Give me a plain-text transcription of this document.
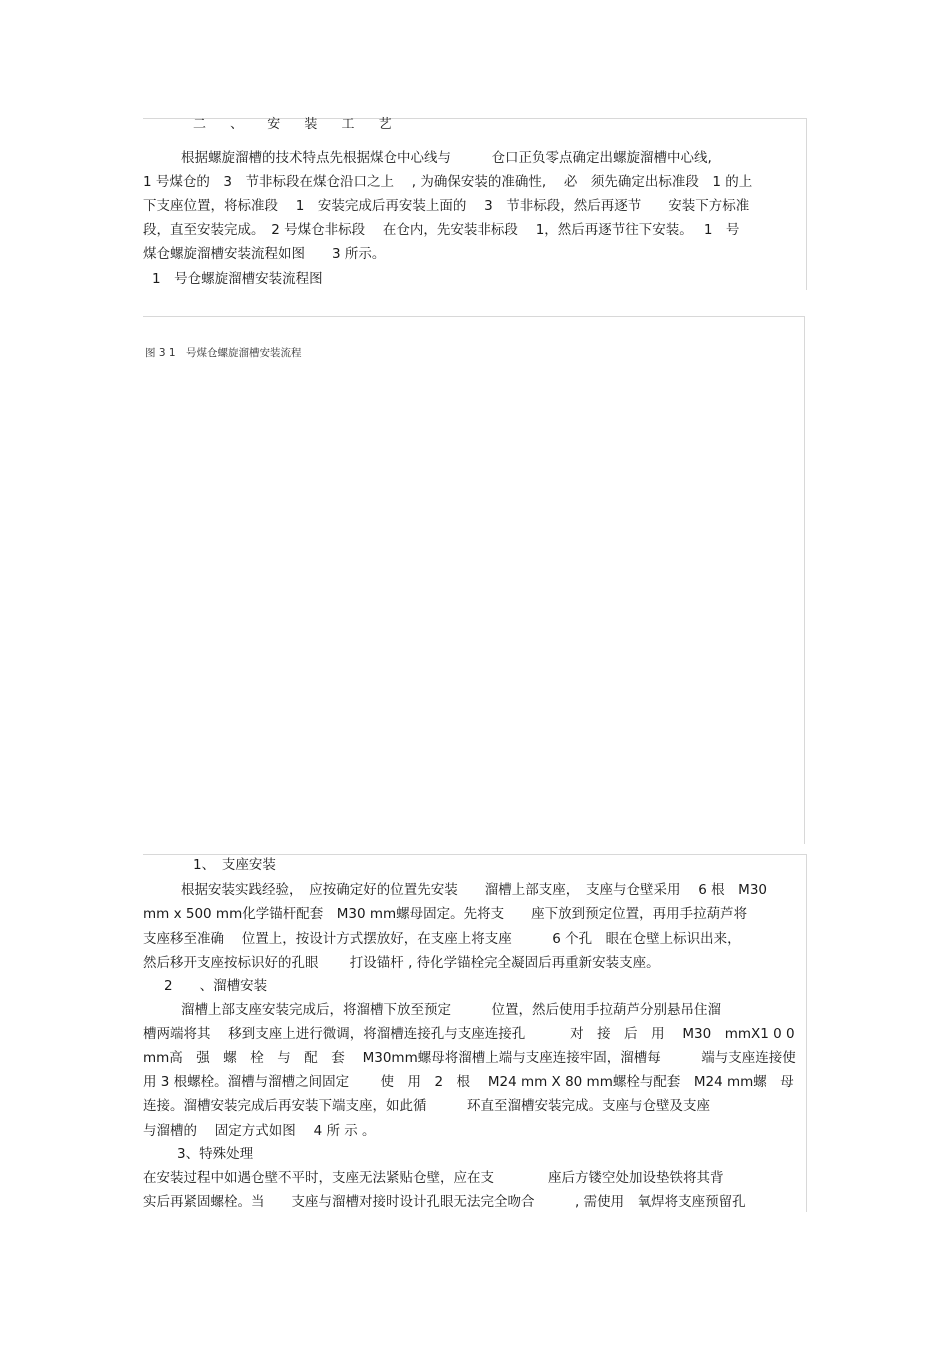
二 、 安 装 工 艺
根据螺旋溜槽的技术特点先根据煤仓中心线与　　　仓口正负零点确定出螺旋溜槽中心线,
1 号煤仓的　3　节非标段在煤仓沿口之上　 , 为确保安装的准确性,　 必　须先确定出标准段　1 的上
下支座位置，将标准段　 1　安装完成后再安装上面的　 3　节非标段，然后再逐节　　安装下方标准
段，直至安装完成。　2 号煤仓非标段　 在仓内，先安装非标段　 1，然后再逐节往下安装。　 1　号
煤仓螺旋溜槽安装流程如图　　3 所示。
1　号仓螺旋溜槽安装流程图
图 3 1　号煤仓螺旋溜槽安装流程
1、　支座安装
根据安装实践经验，　应按确定好的位置先安装　　溜槽上部支座，　支座与仓壁采用　 6 根　M30
mm x 500 mm化学锚杆配套　M30 mm螺母固定。先将支　　座下放到预定位置，再用手拉葫芦将
支座移至准确　 位置上，按设计方式摆放好，在支座上将支座　　　6 个孔　眼在仓壁上标识出来，
然后移开支座按标识好的孔眼　　 打设锚杆 , 待化学锚栓完全凝固后再重新安装支座。
2　　、溜槽安装
溜槽上部支座安装完成后，将溜槽下放至预定　　　位置，然后使用手拉葫芦分别悬吊住溜
槽两端将其　 移到支座上进行微调，将溜槽连接孔与支座连接孔　　　 对　接　后　用　 M30　mmX1 0 0
mm高　强　螺　栓　与　配　套　 M30mm螺母将溜槽上端与支座连接牢固，溜槽每　　　端与支座连接使
用 3 根螺栓。溜槽与溜槽之间固定　　 使　用　2　根　 M24 mm X 80 mm螺栓与配套　M24 mm螺　母
连接。溜槽安装完成后再安装下端支座，如此循　　　环直至溜槽安装完成。支座与仓壁及支座
与溜槽的　 固定方式如图　 4 所 示 。
3、特殊处理
在安装过程中如遇仓壁不平时，支座无法紧贴仓壁，应在支　　　　座后方镂空处加设垫铁将其背
实后再紧固螺栓。当　　支座与溜槽对接时设计孔眼无法完全吻合　　　, 需使用　氧焊将支座预留孔
